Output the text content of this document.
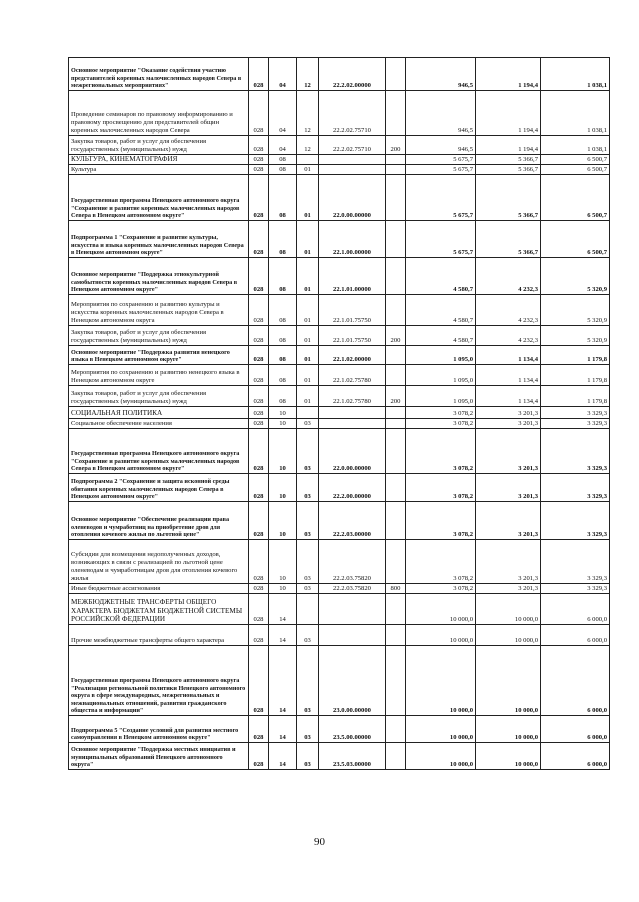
Основное мероприятие "Оказание содействия участию представителей коренных малочисленных народов Севера в межрегиональных мероприятиях"	028	04	12	22.2.02.00000		946,5	1 194,4	1 038,1
Проведение семинаров по правовому информированию и правовому просвещению для представителей общин коренных малочисленных народов Севера	028	04	12	22.2.02.75710		946,5	1 194,4	1 038,1
Закупка товаров, работ и услуг для обеспечения государственных (муниципальных) нужд	028	04	12	22.2.02.75710	200	946,5	1 194,4	1 038,1
КУЛЬТУРА, КИНЕМАТОГРАФИЯ	028	08				5 675,7	5 366,7	6 500,7
Культура	028	08	01			5 675,7	5 366,7	6 500,7
Государственная программа Ненецкого автономного округа "Сохранение и развитие коренных малочисленных народов Севера в Ненецком автономном округе"	028	08	01	22.0.00.00000		5 675,7	5 366,7	6 500,7
Подпрограмма 1 "Сохранение и развитие культуры, искусства и языка коренных малочисленных народов Севера в Ненецком автономном округе"	028	08	01	22.1.00.00000		5 675,7	5 366,7	6 500,7
Основное мероприятие "Поддержка этнокультурной самобытности коренных малочисленных народов Севера в Ненецком автономном округе"	028	08	01	22.1.01.00000		4 580,7	4 232,3	5 320,9
Мероприятия по сохранению и развитию культуры и искусства коренных малочисленных народов Севера в Ненецком автономном округа	028	08	01	22.1.01.75750		4 580,7	4 232,3	5 320,9
Закупка товаров, работ и услуг для обеспечения государственных (муниципальных) нужд	028	08	01	22.1.01.75750	200	4 580,7	4 232,3	5 320,9
Основное мероприятие "Поддержка развития ненецкого языка в Ненецком автономном округе"	028	08	01	22.1.02.00000		1 095,0	1 134,4	1 179,8
Мероприятия по сохранению и развитию ненецкого языка в Ненецком автономном округе	028	08	01	22.1.02.75780		1 095,0	1 134,4	1 179,8
Закупка товаров, работ и услуг для обеспечения государственных (муниципальных) нужд	028	08	01	22.1.02.75780	200	1 095,0	1 134,4	1 179,8
СОЦИАЛЬНАЯ ПОЛИТИКА	028	10				3 078,2	3 201,3	3 329,3
Социальное обеспечение населения	028	10	03			3 078,2	3 201,3	3 329,3
Государственная программа Ненецкого автономного округа "Сохранение и развитие коренных малочисленных народов Севера в Ненецком автономном округе"	028	10	03	22.0.00.00000		3 078,2	3 201,3	3 329,3
Подпрограмма 2 "Сохранение и защита исконной среды обитания коренных малочисленных народов Севера в Ненецком автономном округе"	028	10	03	22.2.00.00000		3 078,2	3 201,3	3 329,3
Основное мероприятие "Обеспечение реализации права оленеводов и чумработниц на приобретение дров для отопления кочевого жилья по льготной цене"	028	10	03	22.2.03.00000		3 078,2	3 201,3	3 329,3
Субсидии для возмещения недополученных доходов, возникающих в связи с реализацией по льготной цене оленеводам и чумработницам дров для отопления кочевого жилья	028	10	03	22.2.03.75820		3 078,2	3 201,3	3 329,3
Иные бюджетные ассигнования	028	10	03	22.2.03.75820	800	3 078,2	3 201,3	3 329,3
МЕЖБЮДЖЕТНЫЕ ТРАНСФЕРТЫ ОБЩЕГО ХАРАКТЕРА БЮДЖЕТАМ БЮДЖЕТНОЙ СИСТЕМЫ РОССИЙСКОЙ ФЕДЕРАЦИИ	028	14				10 000,0	10 000,0	6 000,0
Прочие межбюджетные трансферты общего характера	028	14	03			10 000,0	10 000,0	6 000,0
Государственная программа Ненецкого автономного округа "Реализация региональной политики Ненецкого автономного округа в сфере международных, межрегиональных и межнациональных отношений, развития гражданского общества и информации"	028	14	03	23.0.00.00000		10 000,0	10 000,0	6 000,0
Подпрограмма 5 "Создание условий для развития местного самоуправления в Ненецком автономном округе"	028	14	03	23.5.00.00000		10 000,0	10 000,0	6 000,0
Основное мероприятие "Поддержка местных инициатив и муниципальных образований Ненецкого автономного округа"	028	14	03	23.5.03.00000		10 000,0	10 000,0	6 000,0
90
